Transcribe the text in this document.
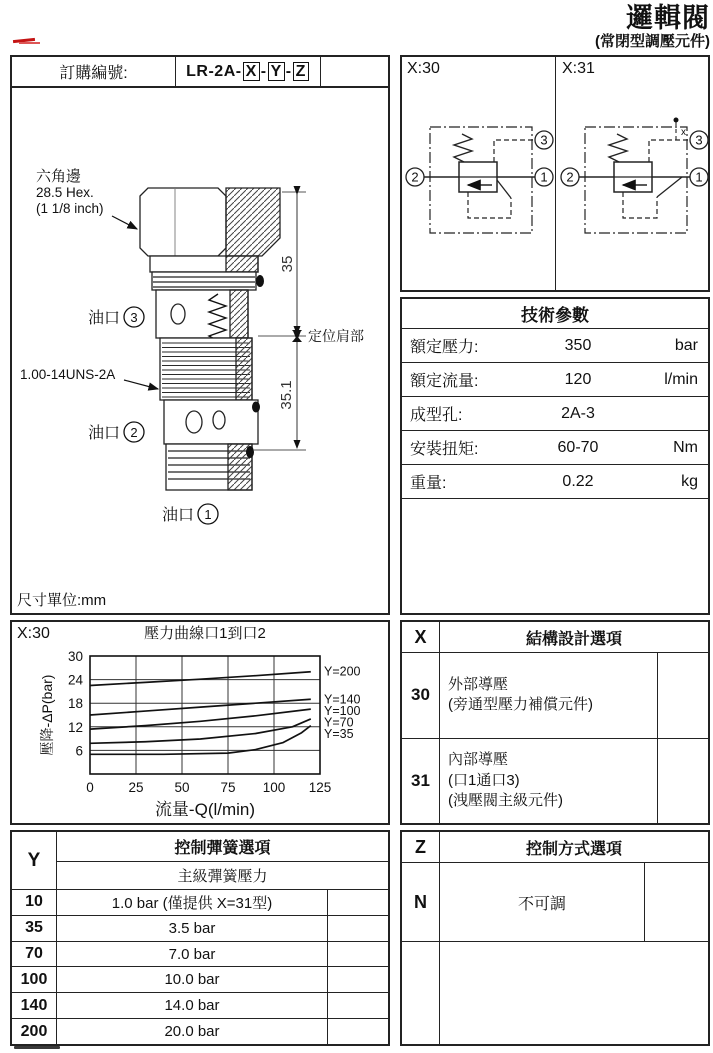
邏輯閥
(常閉型調壓元件)
訂購編號:	LR-2A- X - Y - Z
35
35.1
定位肩部
六角邊
28.5 Hex.
(1 1/8 inch)
1.00-14UNS-2A
油口 3
油口 2
油口 1
尺寸單位:mm
X:30	X:31
2	1
3	x
2	1
3
技術參數
額定壓力:	350	bar
額定流量:	120	l/min
成型孔:	2A-3
安裝扭矩:	60-70	Nm
重量:	0.22	kg
X:30
0	25 50 75 100 125
6
12
18
24
30
Y=200
Y=140
Y=100
Y=70
Y=35
壓力曲線口1到口2
流量-Q(l/min)
壓降-ΔP(bar)
X	結構設計選項
30
外部導壓
(旁通型壓力補償元件)
31
內部導壓
(口1通口3)
(洩壓閥主級元件)
Y
控制彈簧選項
主級彈簧壓力
10	1.0 bar (僅提供 X=31型)
35	3.5 bar
70	7.0 bar
100	10.0 bar
140	14.0 bar
200	20.0 bar
Z	控制方式選項
N	不可調
